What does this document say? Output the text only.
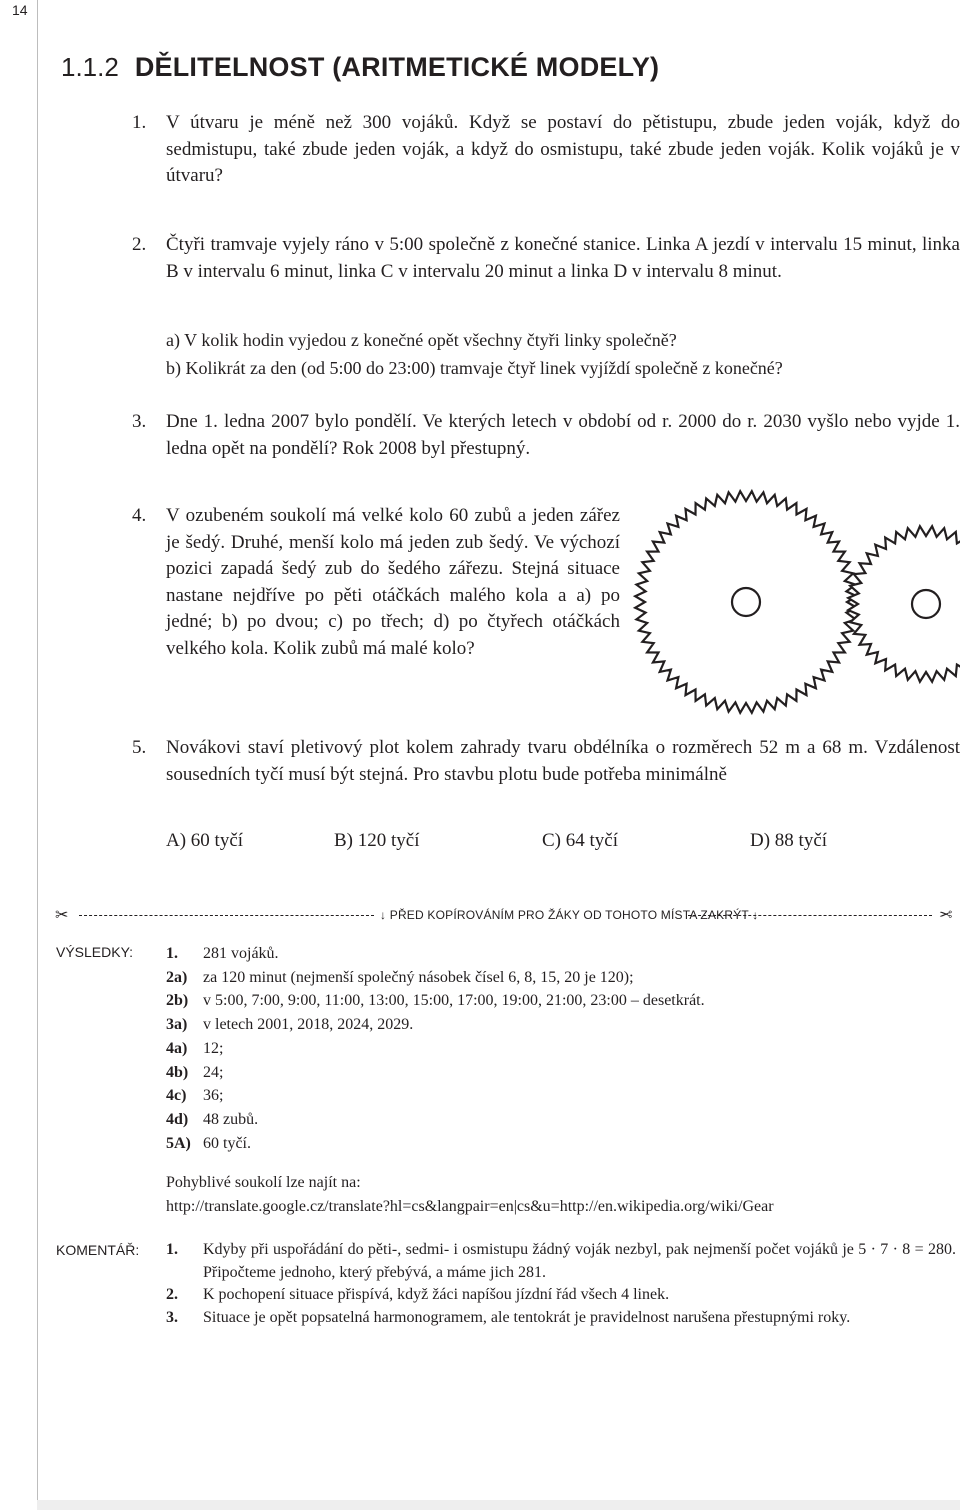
14
1.1.2 DĚLITELNOST (ARITMETICKÉ MODELY)
1. V útvaru je méně než 300 vojáků. Když se postaví do pětistupu, zbude jeden voják, když do sedmistupu, také zbude jeden voják, a když do osmistupu, také zbude jeden voják. Kolik vojáků je v útvaru?
2. Čtyři tramvaje vyjely ráno v 5:00 společně z konečné stanice. Linka A jezdí v intervalu 15 minut, linka B v intervalu 6 minut, linka C v intervalu 20 minut a linka D v intervalu 8 minut.
a) V kolik hodin vyjedou z konečné opět všechny čtyři linky společně?
b) Kolikrát za den (od 5:00 do 23:00) tramvaje čtyř linek vyjíždí společně z konečné?
3. Dne 1. ledna 2007 bylo pondělí. Ve kterých letech v období od r. 2000 do r. 2030 vyšlo nebo vyjde 1. ledna opět na pondělí? Rok 2008 byl přestupný.
4. V ozubeném soukolí má velké kolo 60 zubů a jeden zářez je šedý. Druhé, menší kolo má jeden zub šedý. Ve výchozí pozici zapadá šedý zub do šedého zářezu. Stejná situace nastane nejdříve po pěti otáčkách malého kola a a) po jedné; b) po dvou; c) po třech; d) po čtyřech otáčkách velkého kola. Kolik zubů má malé kolo?
5. Novákovi staví pletivový plot kolem zahrady tvaru obdélníka o rozměrech 52 m a 68 m. Vzdálenost sousedních tyčí musí být stejná. Pro stavbu plotu bude potřeba minimálně
A) 60 tyčí	B) 120 tyčí	C) 64 tyčí	D) 88 tyčí
✂	↓ PŘED KOPÍROVÁNÍM PRO ŽÁKY OD TOHOTO MÍSTA ZAKRÝT ↓	✂
VÝSLEDKY: 1. 281 vojáků.
2a) za 120 minut (nejmenší společný násobek čísel 6, 8, 15, 20 je 120);
2b) v 5:00, 7:00, 9:00, 11:00, 13:00, 15:00, 17:00, 19:00, 21:00, 23:00 – desetkrát.
3a) v letech 2001, 2018, 2024, 2029.
4a) 12;
4b) 24;
4c) 36;
4d) 48 zubů.
5A) 60 tyčí.
Pohyblivé soukolí lze najít na:
http://translate.google.cz/translate?hl=cs&langpair=en|cs&u=http://en.wikipedia.org/wiki/Gear
KOMENTÁŘ: 1. Kdyby při uspořádání do pěti-, sedmi- i osmistupu žádný voják nezbyl, pak nejmenší počet vojáků je 5 · 7 · 8 = 280. Připočteme jednoho, který přebývá, a máme jich 281.
2. K pochopení situace přispívá, když žáci napíšou jízdní řád všech 4 linek.
3. Situace je opět popsatelná harmonogramem, ale tentokrát je pravidelnost narušena přestupnými roky.
